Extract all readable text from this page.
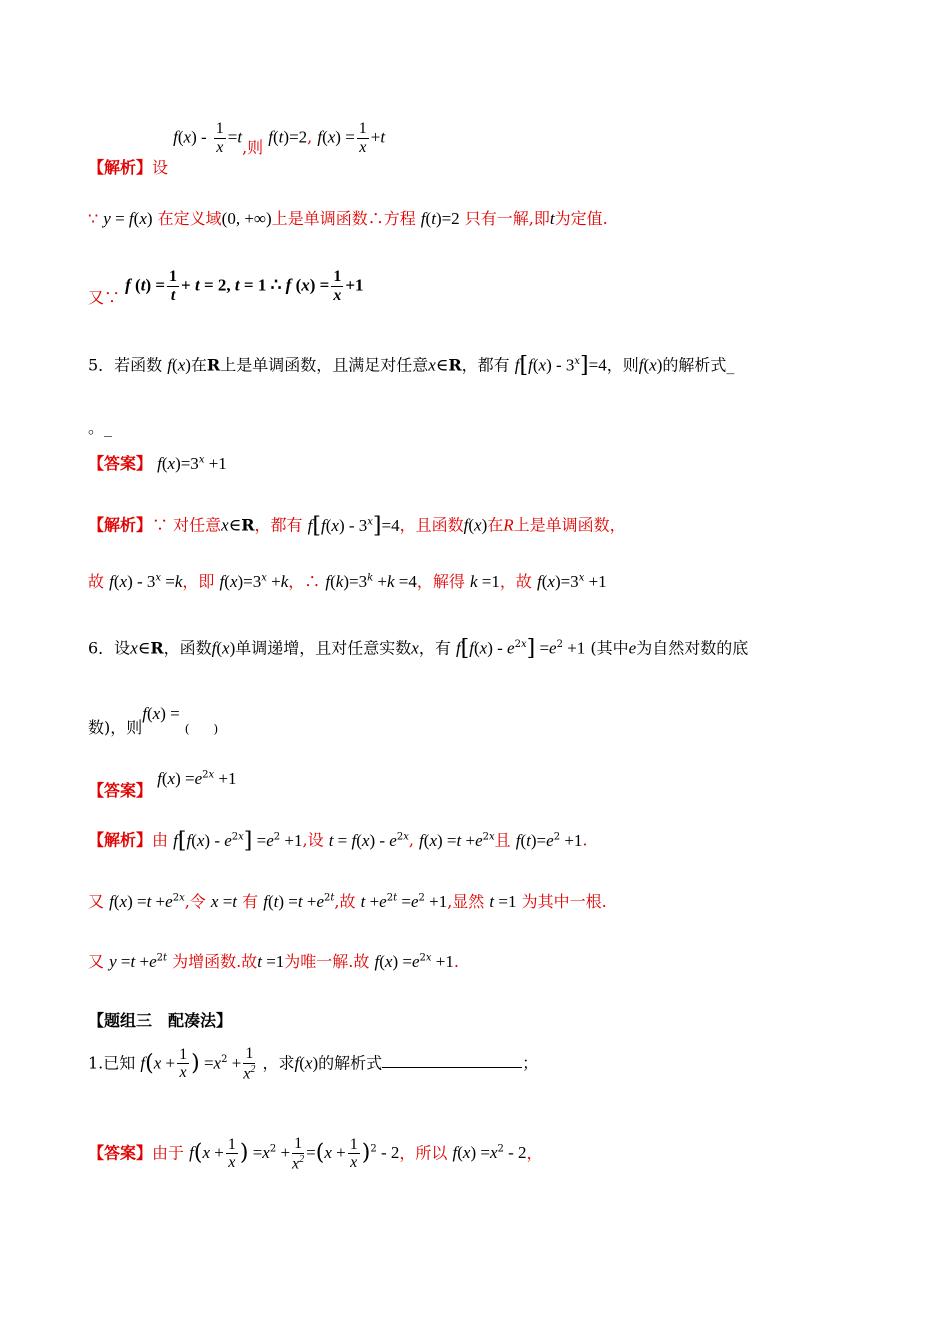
【解析】设 $f(x) - \frac{1}{x} =t$,则 f(t)=2, $f(x) = \frac{1}{x} +t$
∵ y = f(x) 在定义域(0, +∞)上是单调函数∴方程 f(t)=2 只有一解,即t为定值.
又∵ f $(t) = \frac{1}{t} + t = 2$, t = 1 ∴ f $(x) = \frac{1}{x} +1$
5．若函数 f(x)在R上是单调函数，且满足对任意x∈R，都有 $f[f(x) - 3^x]=4$，则f(x)的解析式_
。_
【答案】 $f(x)=3^x +1$
【解析】∵ 对任意x∈R，都有 $f[f(x) - 3^x]=4$，且函数f(x)在R上是单调函数，
故 $f(x) - 3^x =k$，即 $f(x)=3^x +k$，∴ $f(k)=3^k +k =4$，解得 k =1，故 $f(x)=3^x +1$
6．设x∈R，函数f(x)单调递增，且对任意实数x，有 $f[f(x) - e^{2x}] =e^2 +1$ (其中e为自然对数的底
数)，则f(x) = $_{( )}$
【答案】 $f(x) =e^{2x} +1$
【解析】由 $f[f(x) - e^{2x}] =e^2 +1$,设 $t = f(x) - e^{2x}$, $f(x) =t +e^{2x}$且 $f(t)=e^2 +1$.
又 $f(x) =t +e^{2x}$,令 x =t 有 $f(t) =t +e^{2t}$,故 $t +e^{2t} =e^2 +1$,显然 t =1 为其中一根.
又 $y =t +e^{2t}$ 为增函数.故t =1为唯一解.故 $f(x) =e^{2x} +1$.
【题组三　配凑法】
1.已知 $f(x + \frac{1}{x}$ ) $=x^2 + \frac{1}{x^2}$ ，求f(x)的解析式	；
【答案】由于 $f(x + \frac{1}{x}$ ) $=x^2 + \frac{1}{x^2} =(x + \frac{1}{x} )^2 - 2$，所以 $f(x) =x^2 - 2$，
